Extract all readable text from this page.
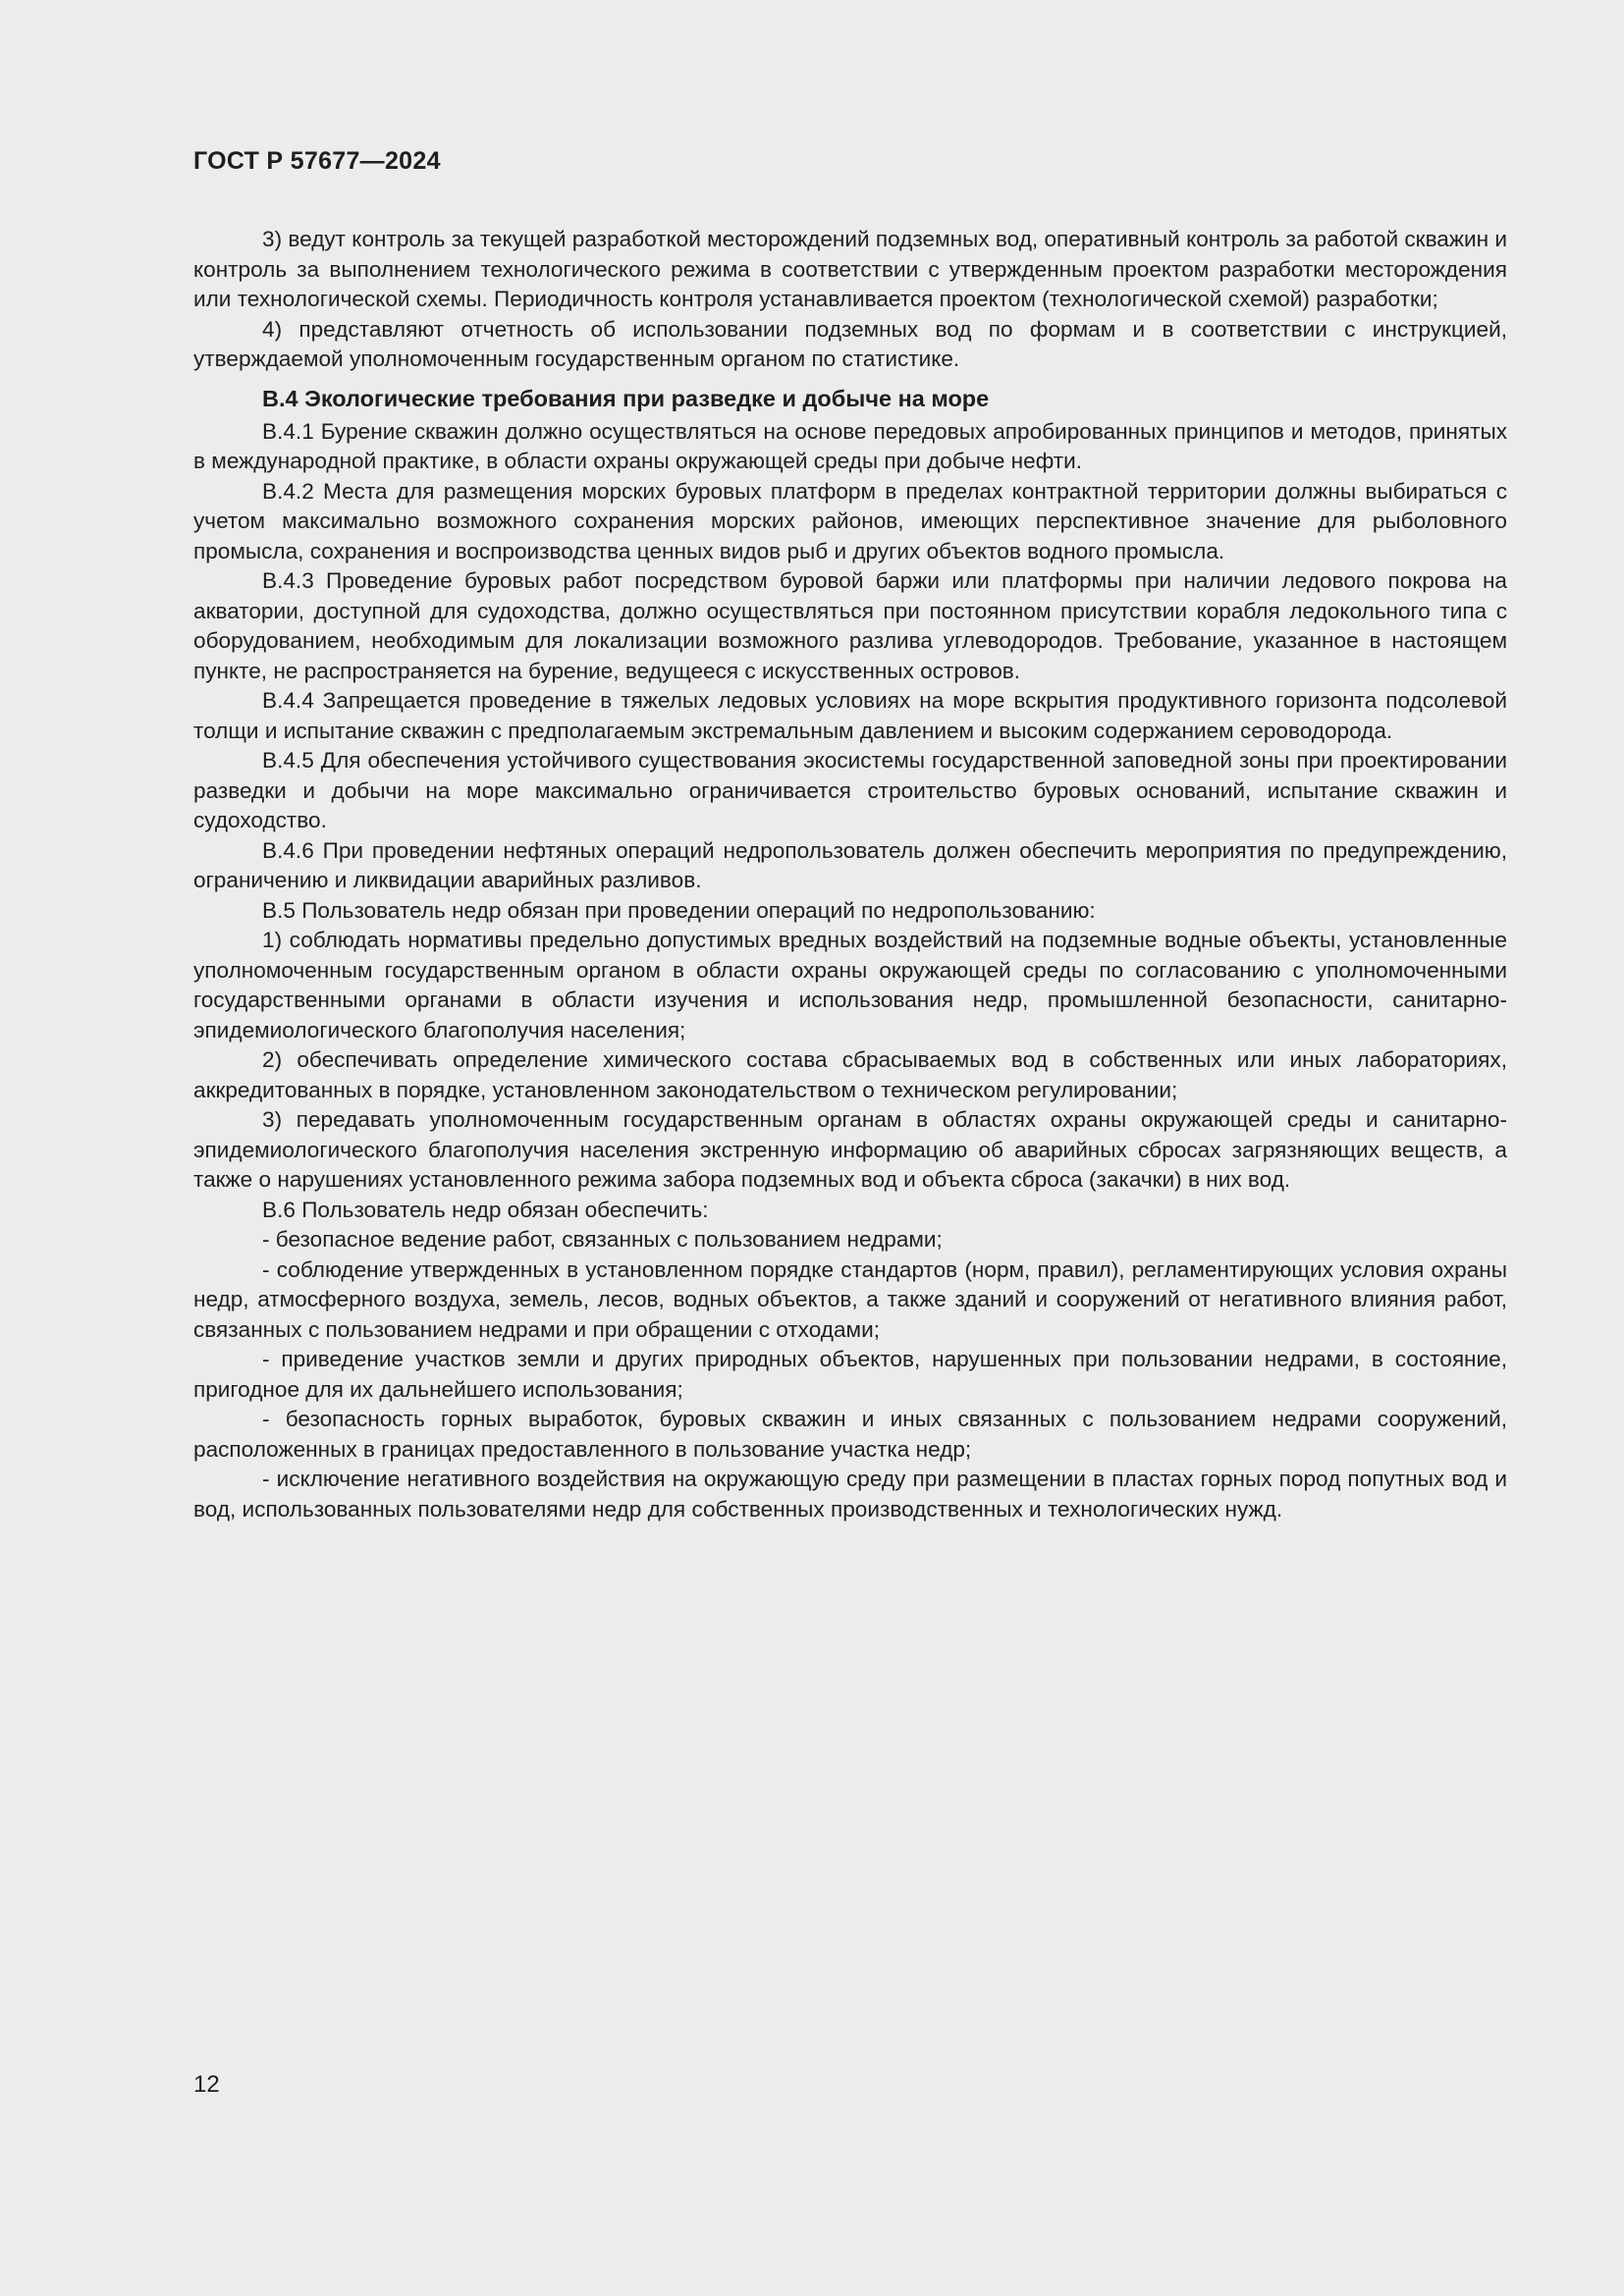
ГОСТ Р 57677—2024

3) ведут контроль за текущей разработкой месторождений подземных вод, оперативный контроль за работой скважин и контроль за выполнением технологического режима в соответствии с утвержденным проектом разработки месторождения или технологической схемы. Периодичность контроля устанавливается проектом (технологической схемой) разработки;

4) представляют отчетность об использовании подземных вод по формам и в соответствии с инструкцией, утверждаемой уполномоченным государственным органом по статистике.

В.4 Экологические требования при разведке и добыче на море

В.4.1 Бурение скважин должно осуществляться на основе передовых апробированных принципов и методов, принятых в международной практике, в области охраны окружающей среды при добыче нефти.

В.4.2 Места для размещения морских буровых платформ в пределах контрактной территории должны выбираться с учетом максимально возможного сохранения морских районов, имеющих перспективное значение для рыболовного промысла, сохранения и воспроизводства ценных видов рыб и других объектов водного промысла.

В.4.3 Проведение буровых работ посредством буровой баржи или платформы при наличии ледового покрова на акватории, доступной для судоходства, должно осуществляться при постоянном присутствии корабля ледокольного типа с оборудованием, необходимым для локализации возможного разлива углеводородов. Требование, указанное в настоящем пункте, не распространяется на бурение, ведущееся с искусственных островов.

В.4.4 Запрещается проведение в тяжелых ледовых условиях на море вскрытия продуктивного горизонта подсолевой толщи и испытание скважин с предполагаемым экстремальным давлением и высоким содержанием сероводорода.

В.4.5 Для обеспечения устойчивого существования экосистемы государственной заповедной зоны при проектировании разведки и добычи на море максимально ограничивается строительство буровых оснований, испытание скважин и судоходство.

В.4.6 При проведении нефтяных операций недропользователь должен обеспечить мероприятия по предупреждению, ограничению и ликвидации аварийных разливов.

В.5 Пользователь недр обязан при проведении операций по недропользованию:

1) соблюдать нормативы предельно допустимых вредных воздействий на подземные водные объекты, установленные уполномоченным государственным органом в области охраны окружающей среды по согласованию с уполномоченными государственными органами в области изучения и использования недр, промышленной безопасности, санитарно-эпидемиологического благополучия населения;

2) обеспечивать определение химического состава сбрасываемых вод в собственных или иных лабораториях, аккредитованных в порядке, установленном законодательством о техническом регулировании;

3) передавать уполномоченным государственным органам в областях охраны окружающей среды и санитарно-эпидемиологического благополучия населения экстренную информацию об аварийных сбросах загрязняющих веществ, а также о нарушениях установленного режима забора подземных вод и объекта сброса (закачки) в них вод.

В.6 Пользователь недр обязан обеспечить:

- безопасное ведение работ, связанных с пользованием недрами;

- соблюдение утвержденных в установленном порядке стандартов (норм, правил), регламентирующих условия охраны недр, атмосферного воздуха, земель, лесов, водных объектов, а также зданий и сооружений от негативного влияния работ, связанных с пользованием недрами и при обращении с отходами;

- приведение участков земли и других природных объектов, нарушенных при пользовании недрами, в состояние, пригодное для их дальнейшего использования;

- безопасность горных выработок, буровых скважин и иных связанных с пользованием недрами сооружений, расположенных в границах предоставленного в пользование участка недр;

- исключение негативного воздействия на окружающую среду при размещении в пластах горных пород попутных вод и вод, использованных пользователями недр для собственных производственных и технологических нужд.

12
